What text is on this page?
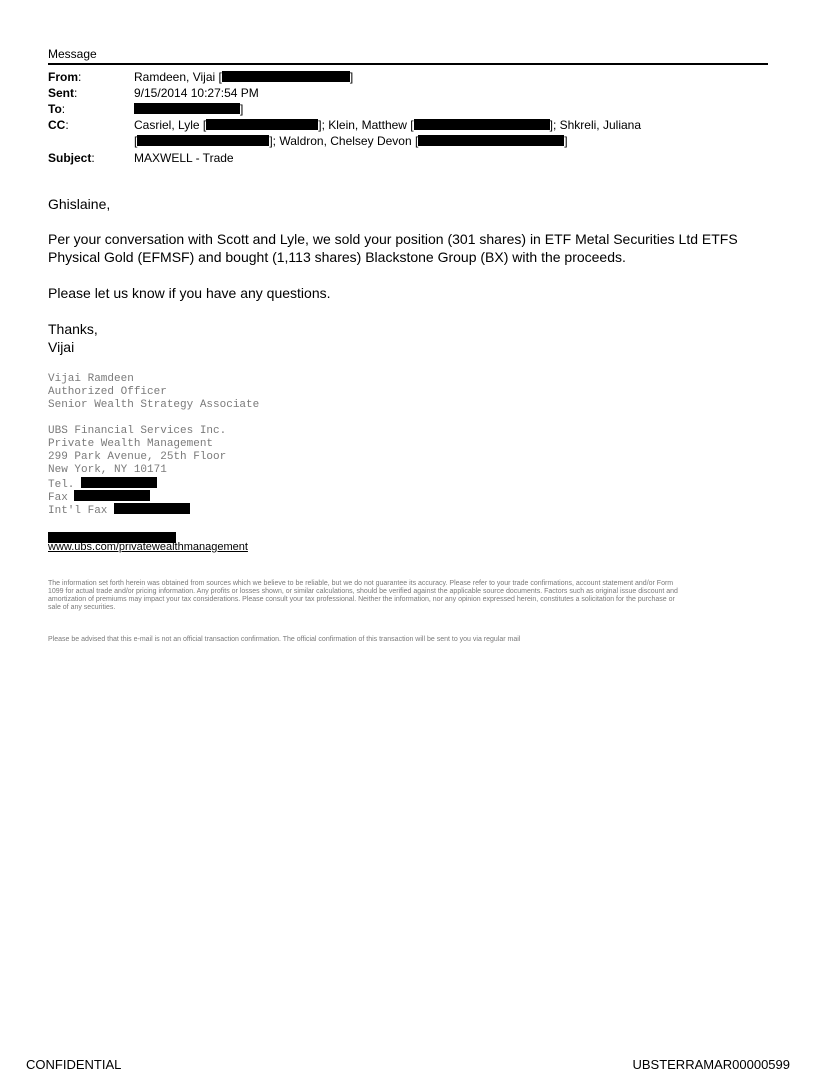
Message
From:	Ramdeen, Vijai [	]
Sent:	9/15/2014 10:27:54 PM
To:	]
CC:	Casriel, Lyle [	]; Klein, Matthew [	]; Shkreli, Juliana
[	]; Waldron, Chelsey Devon [	]
Subject:	MAXWELL - Trade
Ghislaine,
Per your conversation with Scott and Lyle, we sold your position (301 shares) in ETF Metal Securities Ltd ETFS Physical Gold (EFMSF) and bought (1,113 shares) Blackstone Group (BX) with the proceeds.
Please let us know if you have any questions.
Thanks,
Vijai
Vijai Ramdeen
Authorized Officer
Senior Wealth Strategy Associate
UBS Financial Services Inc.
Private Wealth Management
299 Park Avenue, 25th Floor
New York, NY 10171
Tel.
Fax
Int'l Fax
www.ubs.com/privatewealthmanagement
The information set forth herein was obtained from sources which we believe to be reliable, but we do not guarantee its accuracy. Please refer to your trade confirmations, account statement and/or Form 1099 for actual trade and/or pricing information. Any profits or losses shown, or similar calculations, should be verified against the applicable source documents. Factors such as original issue discount and amortization of premiums may impact your tax considerations. Please consult your tax professional. Neither the information, nor any opinion expressed herein, constitutes a solicitation for the purchase or sale of any securities.
Please be advised that this e-mail is not an official transaction confirmation. The official confirmation of this transaction will be sent to you via regular mail
CONFIDENTIAL	UBSTERRAMAR00000599
